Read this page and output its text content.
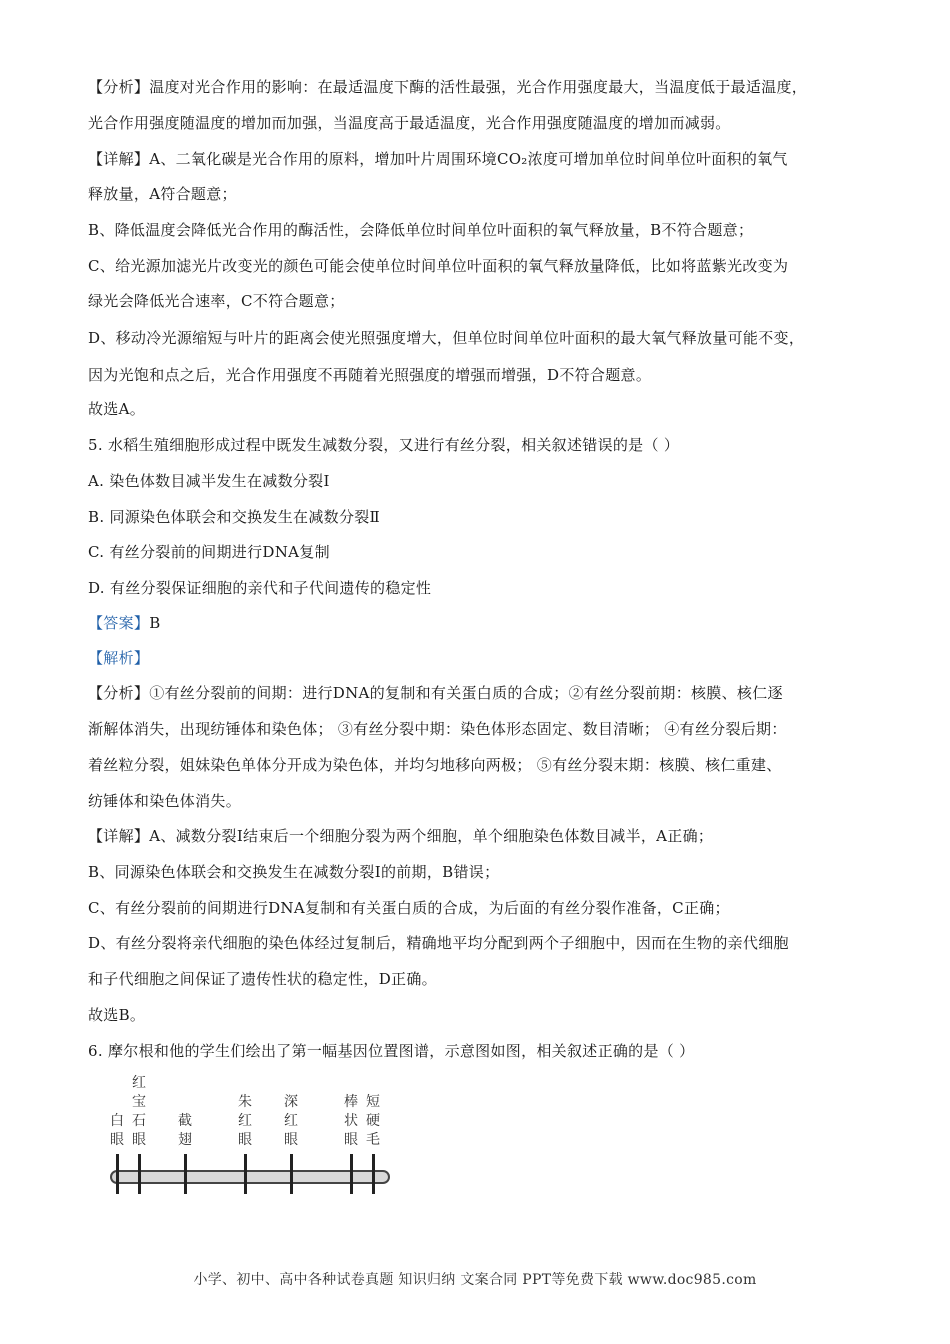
【分析】温度对光合作用的影响：在最适温度下酶的活性最强，光合作用强度最大，当温度低于最适温度，
光合作用强度随温度的增加而加强，当温度高于最适温度，光合作用强度随温度的增加而减弱。
【详解】A、二氧化碳是光合作用的原料，增加叶片周围环境CO₂浓度可增加单位时间单位叶面积的氧气
释放量，A符合题意；
B、降低温度会降低光合作用的酶活性，会降低单位时间单位叶面积的氧气释放量，B不符合题意；
C、给光源加滤光片改变光的颜色可能会使单位时间单位叶面积的氧气释放量降低，比如将蓝紫光改变为
绿光会降低光合速率，C不符合题意；
D、移动冷光源缩短与叶片的距离会使光照强度增大，但单位时间单位叶面积的最大氧气释放量可能不变，
因为光饱和点之后，光合作用强度不再随着光照强度的增强而增强，D不符合题意。
故选A。
5. 水稻生殖细胞形成过程中既发生减数分裂，又进行有丝分裂，相关叙述错误的是（ ）
A. 染色体数目减半发生在减数分裂Ⅰ
B. 同源染色体联会和交换发生在减数分裂Ⅱ
C. 有丝分裂前的间期进行DNA复制
D. 有丝分裂保证细胞的亲代和子代间遗传的稳定性
【答案】B
【解析】
【分析】①有丝分裂前的间期：进行DNA的复制和有关蛋白质的合成；②有丝分裂前期：核膜、核仁逐
渐解体消失，出现纺锤体和染色体； ③有丝分裂中期：染色体形态固定、数目清晰； ④有丝分裂后期：
着丝粒分裂，姐妹染色单体分开成为染色体，并均匀地移向两极； ⑤有丝分裂末期：核膜、核仁重建、
纺锤体和染色体消失。
【详解】A、减数分裂I结束后一个细胞分裂为两个细胞，单个细胞染色体数目减半，A正确；
B、同源染色体联会和交换发生在减数分裂I的前期，B错误；
C、有丝分裂前的间期进行DNA复制和有关蛋白质的合成，为后面的有丝分裂作准备，C正确；
D、有丝分裂将亲代细胞的染色体经过复制后，精确地平均分配到两个子细胞中，因而在生物的亲代细胞
和子代细胞之间保证了遗传性状的稳定性，D正确。
故选B。
6. 摩尔根和他的学生们绘出了第一幅基因位置图谱，示意图如图，相关叙述正确的是（ ）
白眼
红宝石眼
截翅
朱红眼
深红眼
棒状眼
短硬毛
小学、初中、高中各种试卷真题 知识归纳 文案合同 PPT等免费下载 www.doc985.com
